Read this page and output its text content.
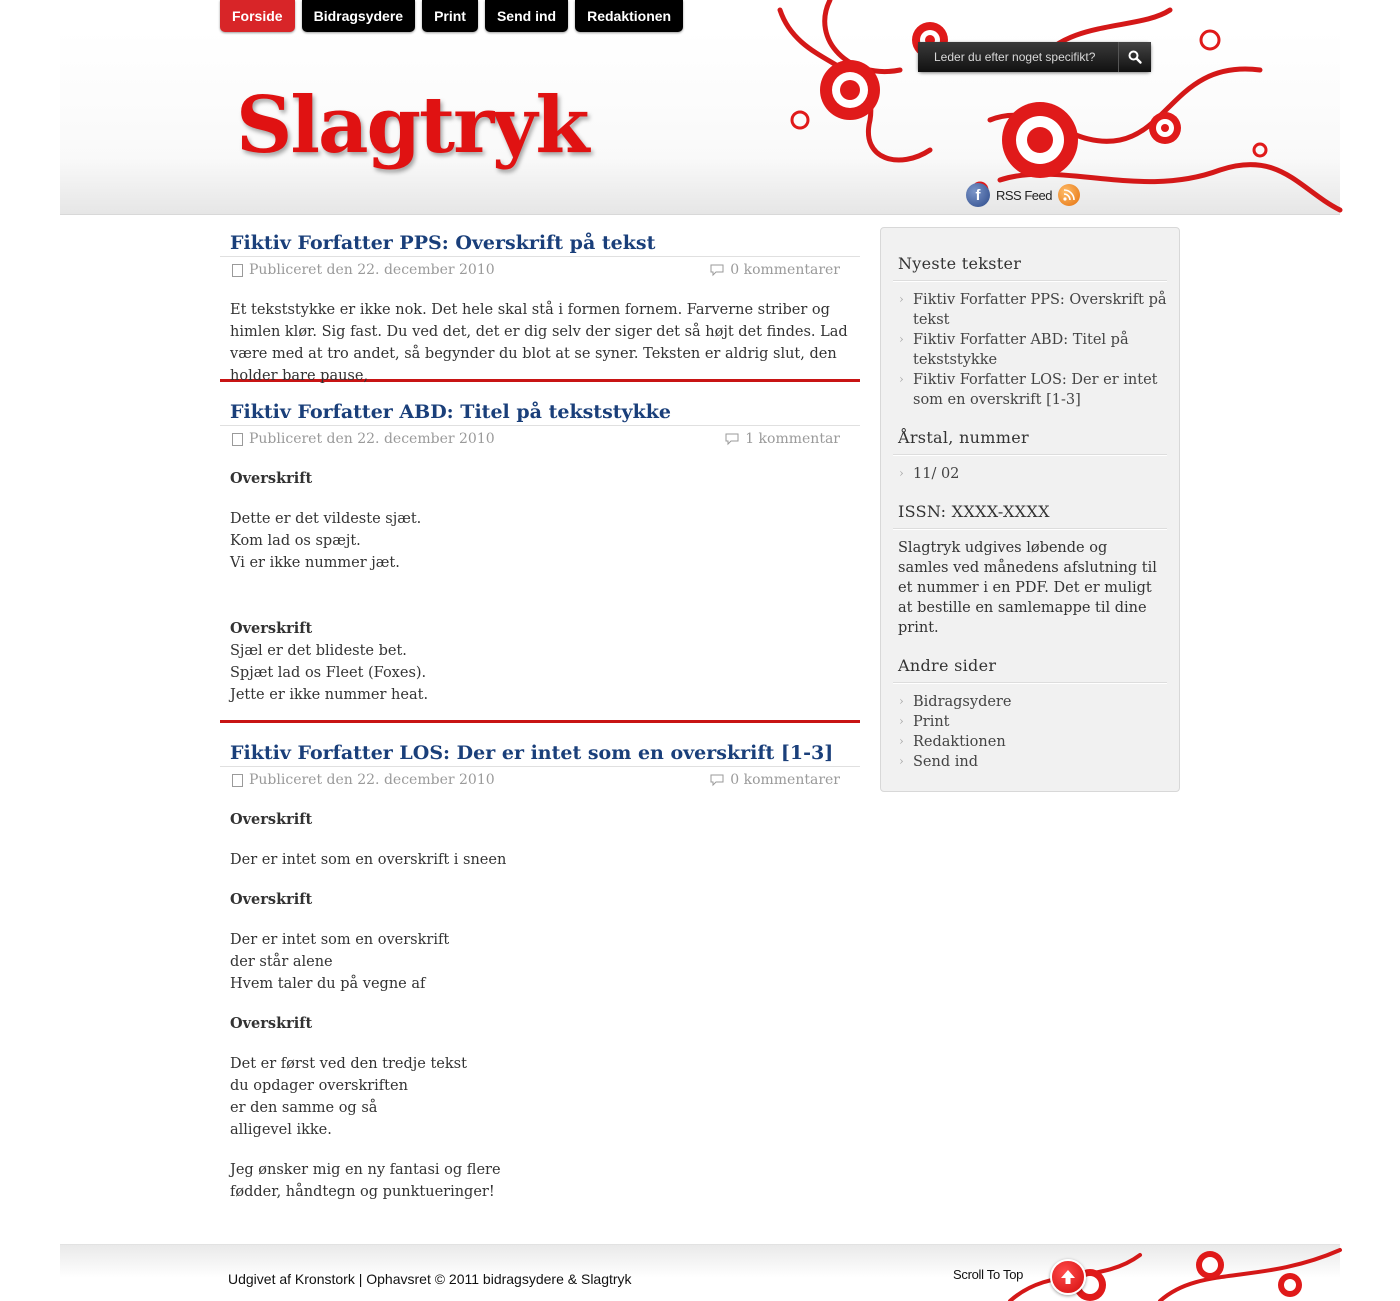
Forside	Bidragsydere	Print	Send ind	Redaktionen
Slagtryk
Leder du efter noget specifikt?
f	RSS Feed
Fiktiv Forfatter PPS: Overskrift på tekst
Publiceret den 22. december 2010	0 kommentarer
Et tekststykke er ikke nok. Det hele skal stå i formen fornem. Farverne striber og himlen klør. Sig fast. Du ved det, det er dig selv der siger det så højt det findes. Lad være med at tro andet, så begynder du blot at se syner. Teksten er aldrig slut, den holder bare pause,
Fiktiv Forfatter ABD: Titel på tekststykke
Publiceret den 22. december 2010	1 kommentar

Overskrift

Dette er det vildeste sjæt.
Kom lad os spæjt.
Vi er ikke nummer jæt.
Overskrift
Sjæl er det blideste bet.
Spjæt lad os Fleet (Foxes).
Jette er ikke nummer heat.
Fiktiv Forfatter LOS: Der er intet som en overskrift [1-3]
Publiceret den 22. december 2010	0 kommentarer

Overskrift

Der er intet som en overskrift i sneen

Overskrift

Der er intet som en overskrift
der står alene
Hvem taler du på vegne af

Overskrift

Det er først ved den tredje tekst
du opdager overskriften
er den samme og så
alligevel ikke.

Jeg ønsker mig en ny fantasi og flere
fødder, håndtegn og punktueringer!

Nyeste tekster
› Fiktiv Forfatter PPS: Overskrift på tekst
› Fiktiv Forfatter ABD: Titel på tekststykke
› Fiktiv Forfatter LOS: Der er intet som en overskrift [1-3]
Årstal, nummer
› 11/ 02
ISSN: XXXX-XXXX
Slagtryk udgives løbende og samles ved månedens afslutning til et nummer i en PDF. Det er muligt at bestille en samlemappe til dine print.
Andre sider
› Bidragsydere
› Print
› Redaktionen
› Send ind
Udgivet af Kronstork | Ophavsret © 2011 bidragsydere & Slagtryk	Scroll To Top
